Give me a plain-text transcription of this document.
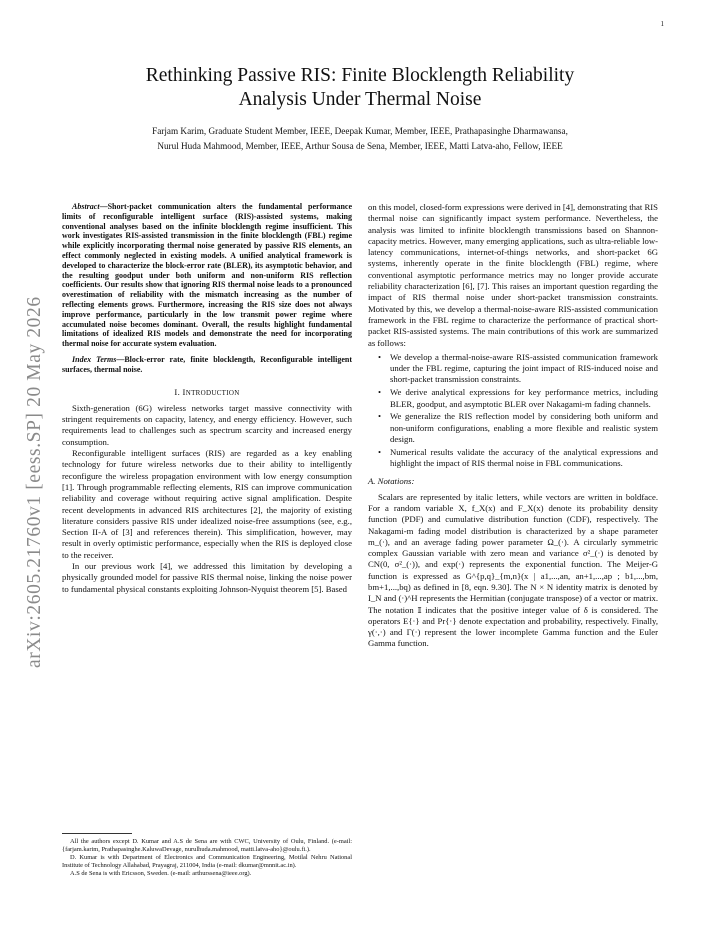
1
arXiv:2605.21760v1 [eess.SP] 20 May 2026
Rethinking Passive RIS: Finite Blocklength Reliability
Analysis Under Thermal Noise
Farjam Karim, Graduate Student Member, IEEE, Deepak Kumar, Member, IEEE, Prathapasinghe Dharmawansa,
Nurul Huda Mahmood, Member, IEEE, Arthur Sousa de Sena, Member, IEEE, Matti Latva-aho, Fellow, IEEE

Abstract—Short-packet communication alters the fundamental performance limits of reconfigurable intelligent surface (RIS)-assisted systems, making conventional analyses based on the infinite blocklength regime insufficient. This work investigates RIS-assisted transmission in the finite blocklength (FBL) regime while explicitly incorporating thermal noise generated by passive RIS elements, an effect commonly neglected in existing models. A unified analytical framework is developed to characterize the block-error rate (BLER), its asymptotic behavior, and the resulting goodput under both uniform and non-uniform RIS reflection coefficients. Our results show that ignoring RIS thermal noise leads to a pronounced overestimation of reliability with the mismatch increasing as the number of reflecting elements grows. Furthermore, increasing the RIS size does not always improve performance, particularly in the low transmit power regime where accumulated noise becomes dominant. Overall, the results highlight fundamental limitations of idealized RIS models and demonstrate the need for incorporating thermal noise for accurate system evaluation.

Index Terms—Block-error rate, finite blocklength, Reconfigurable intelligent surfaces, thermal noise.

I. INTRODUCTION

Sixth-generation (6G) wireless networks target massive connectivity with stringent requirements on capacity, latency, and energy efficiency. However, such requirements lead to challenges such as spectrum scarcity and increased energy consumption.

Reconfigurable intelligent surfaces (RIS) are regarded as a key enabling technology for future wireless networks due to their ability to intelligently reconfigure the wireless propagation environment with low energy consumption [1]. Through programmable reflecting elements, RIS can improve communication reliability and coverage without requiring active signal amplification. Despite recent developments in advanced RIS architectures [2], the majority of existing literature considers passive RIS under idealized noise-free assumptions (see, e.g., Section II-A of [3] and references therein). This simplification, however, may result in overly optimistic performance, especially when the RIS is deployed close to the receiver.

In our previous work [4], we addressed this limitation by developing a physically grounded model for passive RIS thermal noise, linking the noise power to fundamental physical constants exploiting Johnson-Nyquist theorem [5]. Based

on this model, closed-form expressions were derived in [4], demonstrating that RIS thermal noise can significantly impact system performance. Nevertheless, the analysis was limited to infinite blocklength transmissions based on Shannon-capacity metrics. However, many emerging applications, such as ultra-reliable low-latency communications, internet-of-things networks, and short-packet 6G systems, inherently operate in the finite blocklength (FBL) regime, where conventional asymptotic performance metrics may no longer provide accurate reliability characterization [6], [7]. This raises an important question regarding the impact of RIS thermal noise under short-packet transmission constraints. Motivated by this, we develop a thermal-noise-aware RIS-assisted communication framework in the FBL regime to characterize the performance of practical short-packet RIS-assisted systems. The main contributions of this work are summarized as follows:

• We develop a thermal-noise-aware RIS-assisted communication framework under the FBL regime, capturing the joint impact of RIS-induced noise and short-packet transmission constraints.
• We derive analytical expressions for key performance metrics, including BLER, goodput, and asymptotic BLER over Nakagami-m fading channels.
• We generalize the RIS reflection model by considering both uniform and non-uniform configurations, enabling a more flexible and realistic system design.
• Numerical results validate the accuracy of the analytical expressions and highlight the impact of RIS thermal noise in FBL communications.
A. Notations:

Scalars are represented by italic letters, while vectors are written in boldface. For a random variable X, f_X(x) and F_X(x) denote its probability density function (PDF) and cumulative distribution function (CDF), respectively. The Nakagami-m fading model distribution is characterized by a shape parameter m_(·), and an average fading power parameter Ω_(·). A circularly symmetric complex Gaussian variable with zero mean and variance σ²_(·) is denoted by CN(0, σ²_(·)), and exp(·) represents the exponential function. The Meijer-G function is expressed as G^{p,q}_{m,n}(x | a1,...,an, an+1,...,ap ; b1,...,bm, bm+1,...,bq) as defined in [8, eqn. 9.30]. The N × N identity matrix is denoted by I_N and (·)^H represents the Hermitian (conjugate transpose) of a vector or matrix. The notation 𝕀 indicates that the positive integer value of δ is considered. The operators E{·} and Pr{·} denote expectation and probability, respectively. Finally, γ(·,·) and Γ(·) represent the lower incomplete Gamma function and the Euler Gamma function.

All the authors except D. Kumar and A.S de Sena are with CWC, University of Oulu, Finland. (e-mail: {farjam.karim, Prathapasinghe.KaluwaDevage, nurulhuda.mahmood, matti.latva-aho}@oulu.fi.).

D. Kumar is with Department of Electronics and Communication Engineering, Motilal Nehru National Institute of Technology Allahabad, Prayagraj, 211004, India (e-mail: dkumar@mnnit.ac.in).

A.S de Sena is with Ericsson, Sweden. (e-mail: arthurssena@ieee.org).
